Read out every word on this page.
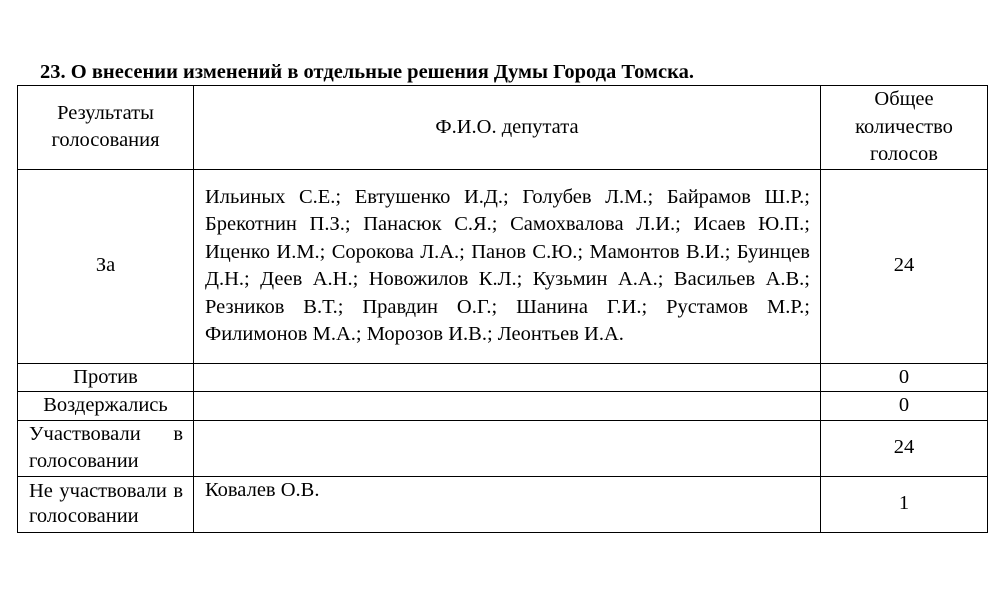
23. О внесении изменений в отдельные решения Думы Города Томска.
Результаты голосования	Ф.И.О. депутата	Общее количество голосов
За	Ильиных С.Е.; Евтушенко И.Д.; Голубев Л.М.; Байрамов Ш.Р.; Брекотнин П.З.; Панасюк С.Я.; Самохвалова Л.И.; Исаев Ю.П.; Иценко И.М.; Сорокова Л.А.; Панов С.Ю.; Мамонтов В.И.; Буинцев Д.Н.; Деев А.Н.; Новожилов К.Л.; Кузьмин А.А.; Васильев А.В.; Резников В.Т.; Правдин О.Г.; Шанина Г.И.; Рустамов М.Р.; Филимонов М.А.; Морозов И.В.; Леонтьев И.А.	24
Против		0
Воздержались		0
Участвовали в голосовании		24
Не участвовали в голосовании	Ковалев О.В.	1
